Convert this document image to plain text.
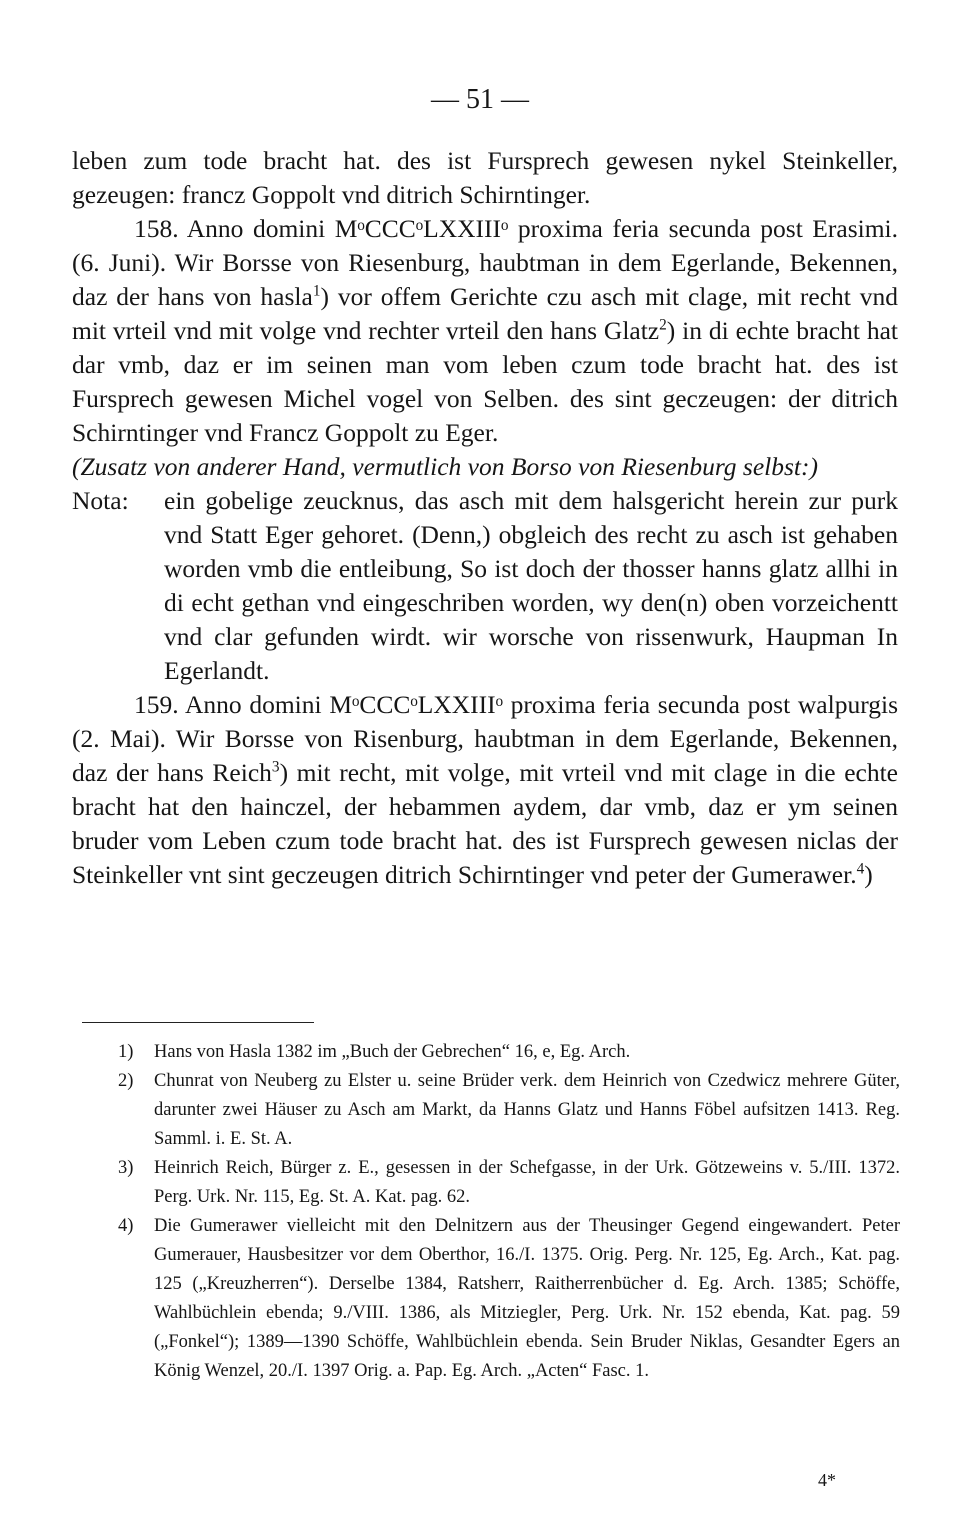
— 51 —

leben zum tode bracht hat. des ist Fursprech gewesen nykel Steinkeller, gezeugen: francz Goppolt vnd ditrich Schirntinger.

158. Anno domini MᵒCCCᵒLXXIIIᵒ proxima feria secunda post Erasimi. (6. Juni). Wir Borsse von Riesenburg, haubtman in dem Egerlande, Bekennen, daz der hans von hasla$^1$) vor offem Gerichte czu asch mit clage, mit recht vnd mit vrteil vnd mit volge vnd rechter vrteil den hans Glatz$^2$) in di echte bracht hat dar vmb, daz er im seinen man vom leben czum tode bracht hat. des ist Fursprech gewesen Michel vogel von Selben. des sint geczeugen: der ditrich Schirntinger vnd Francz Goppolt zu Eger.

(Zusatz von anderer Hand, vermutlich von Borso von Riesenburg selbst:)

Nota:	ein gobelige zeucknus, das asch mit dem halsgericht herein zur purk vnd Statt Eger gehoret. (Denn,) obgleich des recht zu asch ist gehaben worden vmb die entleibung, So ist doch der thosser hanns glatz allhi in di echt gethan vnd eingeschriben worden, wy den(n) oben vorzeichentt vnd clar gefunden wirdt. wir worsche von rissenwurk, Haupman In Egerlandt.

159. Anno domini MᵒCCCᵒLXXIIIᵒ proxima feria secunda post walpurgis (2. Mai). Wir Borsse von Risenburg, haubtman in dem Egerlande, Bekennen, daz der hans Reich$^3$) mit recht, mit volge, mit vrteil vnd mit clage in die echte bracht hat den hainczel, der hebammen aydem, dar vmb, daz er ym seinen bruder vom Leben czum tode bracht hat. des ist Fursprech gewesen niclas der Steinkeller vnt sint geczeugen ditrich Schirntinger vnd peter der Gumerawer.$^4$)

1)	Hans von Hasla 1382 im „Buch der Gebrechen“ 16, e, Eg. Arch.
2)	Chunrat von Neuberg zu Elster u. seine Brüder verk. dem Heinrich von Czedwicz mehrere Güter, darunter zwei Häuser zu Asch am Markt, da Hanns Glatz und Hanns Föbel aufsitzen 1413. Reg. Samml. i. E. St. A.
3)	Heinrich Reich, Bürger z. E., gesessen in der Schefgasse, in der Urk. Götzeweins v. 5./III. 1372. Perg. Urk. Nr. 115, Eg. St. A. Kat. pag. 62.
4)	Die Gumerawer vielleicht mit den Delnitzern aus der Theusinger Gegend eingewandert. Peter Gumerauer, Hausbesitzer vor dem Oberthor, 16./I. 1375. Orig. Perg. Nr. 125, Eg. Arch., Kat. pag. 125 („Kreuzherren“). Derselbe 1384, Ratsherr, Raitherrenbücher d. Eg. Arch. 1385; Schöffe, Wahlbüchlein ebenda; 9./VIII. 1386, als Mitziegler, Perg. Urk. Nr. 152 ebenda, Kat. pag. 59 („Fonkel“); 1389—1390 Schöffe, Wahlbüchlein ebenda. Sein Bruder Niklas, Gesandter Egers an König Wenzel, 20./I. 1397 Orig. a. Pap. Eg. Arch. „Acten“ Fasc. 1.
4*
